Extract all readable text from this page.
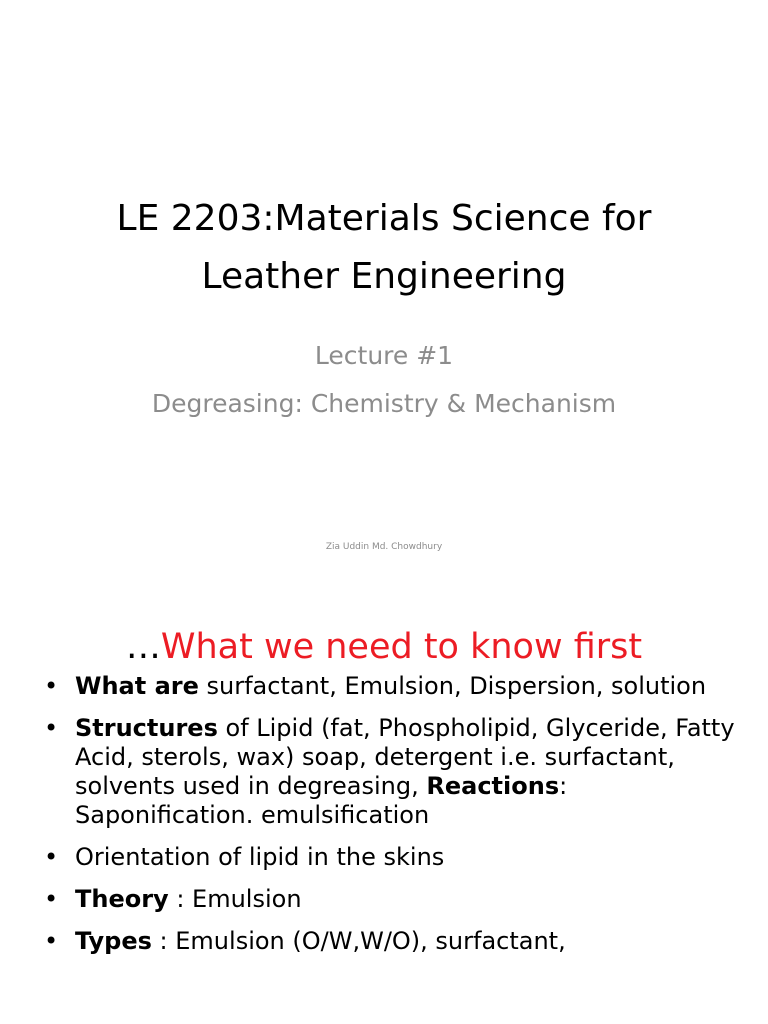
LE 2203:Materials Science for
Leather Engineering
Lecture #1
Degreasing: Chemistry & Mechanism
Zia Uddin Md. Chowdhury
…What we need to know first
• What are surfactant, Emulsion, Dispersion, solution
• Structures of Lipid (fat, Phospholipid, Glyceride, Fatty Acid, sterols, wax) soap, detergent i.e. surfactant, solvents used in degreasing, Reactions: Saponification. emulsification
• Orientation of lipid in the skins
• Theory : Emulsion
• Types : Emulsion (O/W,W/O), surfactant,
